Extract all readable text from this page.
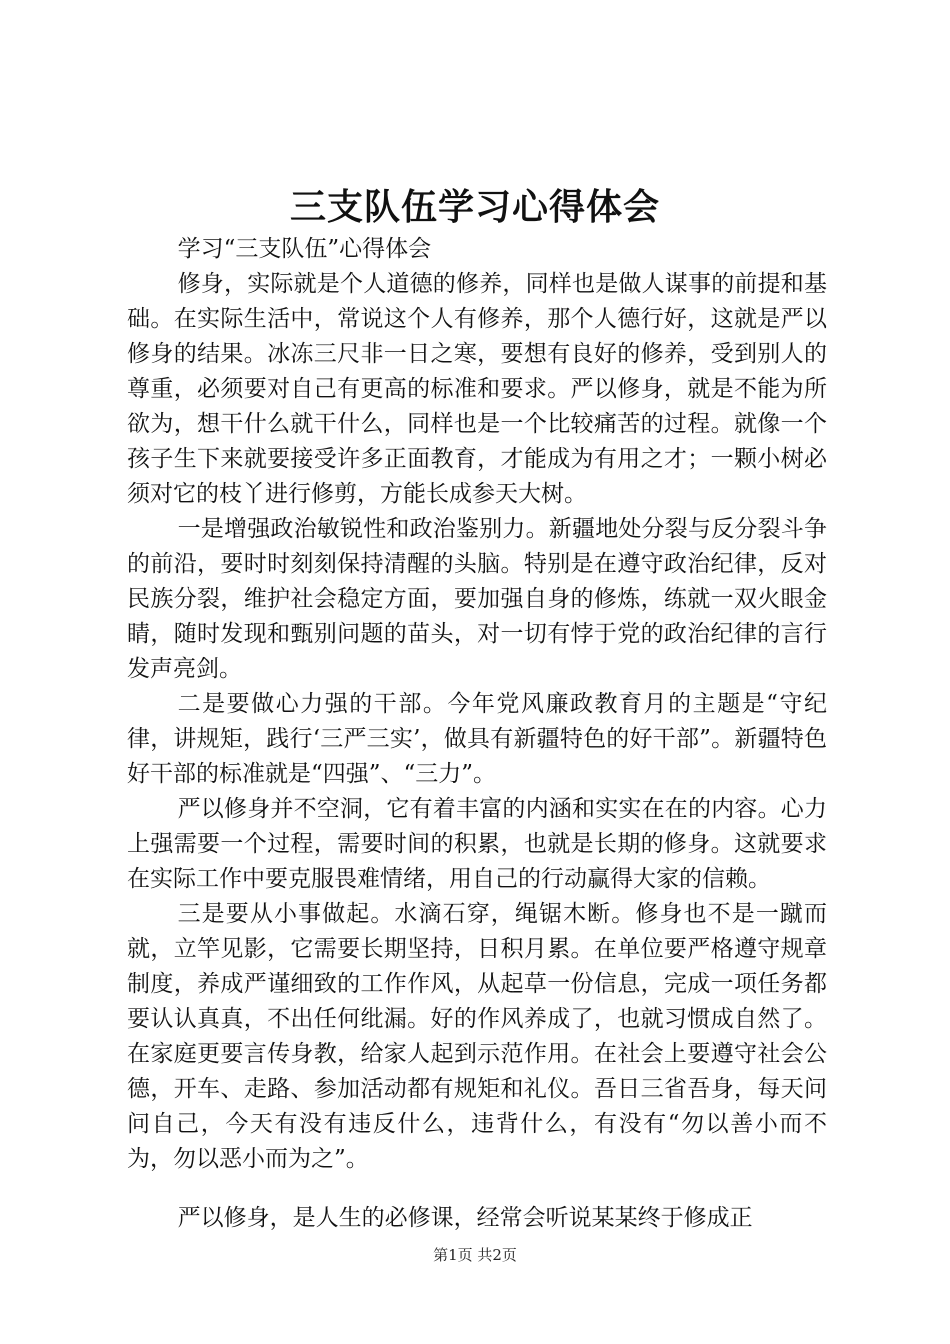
三支队伍学习心得体会

学习“三支队伍”心得体会

修身，实际就是个人道德的修养，同样也是做人谋事的前提和基础。在实际生活中，常说这个人有修养，那个人德行好，这就是严以修身的结果。冰冻三尺非一日之寒，要想有良好的修养，受到别人的尊重，必须要对自己有更高的标准和要求。严以修身，就是不能为所欲为，想干什么就干什么，同样也是一个比较痛苦的过程。就像一个孩子生下来就要接受许多正面教育，才能成为有用之才；一颗小树必须对它的枝丫进行修剪，方能长成参天大树。

一是增强政治敏锐性和政治鉴别力。新疆地处分裂与反分裂斗争的前沿，要时时刻刻保持清醒的头脑。特别是在遵守政治纪律，反对民族分裂，维护社会稳定方面，要加强自身的修炼，练就一双火眼金睛，随时发现和甄别问题的苗头，对一切有悖于党的政治纪律的言行发声亮剑。

二是要做心力强的干部。今年党风廉政教育月的主题是“守纪律，讲规矩，践行‘三严三实’，做具有新疆特色的好干部”。新疆特色好干部的标准就是“四强”、“三力”。

严以修身并不空洞，它有着丰富的内涵和实实在在的内容。心力上强需要一个过程，需要时间的积累，也就是长期的修身。这就要求在实际工作中要克服畏难情绪，用自己的行动赢得大家的信赖。

三是要从小事做起。水滴石穿，绳锯木断。修身也不是一蹴而就，立竿见影，它需要长期坚持，日积月累。在单位要严格遵守规章制度，养成严谨细致的工作作风，从起草一份信息，完成一项任务都要认认真真，不出任何纰漏。好的作风养成了，也就习惯成自然了。在家庭更要言传身教，给家人起到示范作用。在社会上要遵守社会公德，开车、走路、参加活动都有规矩和礼仪。吾日三省吾身，每天问问自己，今天有没有违反什么，违背什么，有没有“勿以善小而不为，勿以恶小而为之”。

严以修身，是人生的必修课，经常会听说某某终于修成正

第1页 共2页
